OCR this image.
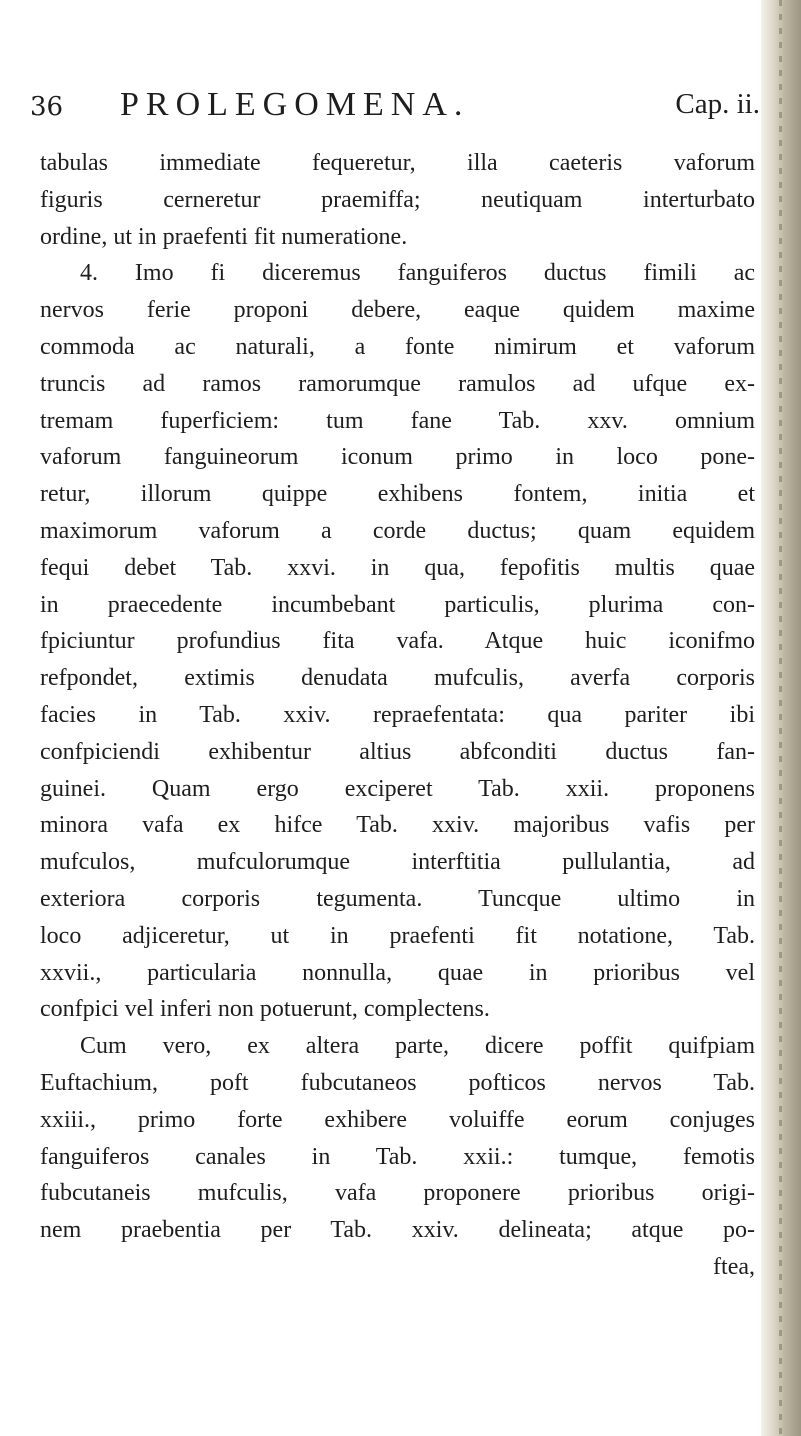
36 PROLEGOMENA.	Cap. ii.
tabulas immediate fequeretur, illa caeteris vaforum
figuris cerneretur praemiffa; neutiquam interturbato
ordine, ut in praefenti fit numeratione.
4. Imo fi diceremus fanguiferos ductus fimili ac
nervos ferie proponi debere, eaque quidem maxime
commoda ac naturali, a fonte nimirum et vaforum
truncis ad ramos ramorumque ramulos ad ufque ex-
tremam fuperficiem: tum fane Tab. xxv. omnium
vaforum fanguineorum iconum primo in loco pone-
retur, illorum quippe exhibens fontem, initia et
maximorum vaforum a corde ductus; quam equidem
fequi debet Tab. xxvi. in qua, fepofitis multis quae
in praecedente incumbebant particulis, plurima con-
fpiciuntur profundius fita vafa. Atque huic iconifmo
refpondet, extimis denudata mufculis, averfa corporis
facies in Tab. xxiv. repraefentata: qua pariter ibi
confpiciendi exhibentur altius abfconditi ductus fan-
guinei. Quam ergo exciperet Tab. xxii. proponens
minora vafa ex hifce Tab. xxiv. majoribus vafis per
mufculos, mufculorumque interftitia pullulantia, ad
exteriora corporis tegumenta. Tuncque ultimo in
loco adjiceretur, ut in praefenti fit notatione, Tab.
xxvii., particularia nonnulla, quae in prioribus vel
confpici vel inferi non potuerunt, complectens.
Cum vero, ex altera parte, dicere poffit quifpiam
Euftachium, poft fubcutaneos pofticos nervos Tab.
xxiii., primo forte exhibere voluiffe eorum conjuges
fanguiferos canales in Tab. xxii.: tumque, femotis
fubcutaneis mufculis, vafa proponere prioribus origi-
nem praebentia per Tab. xxiv. delineata; atque po-
ftea,
